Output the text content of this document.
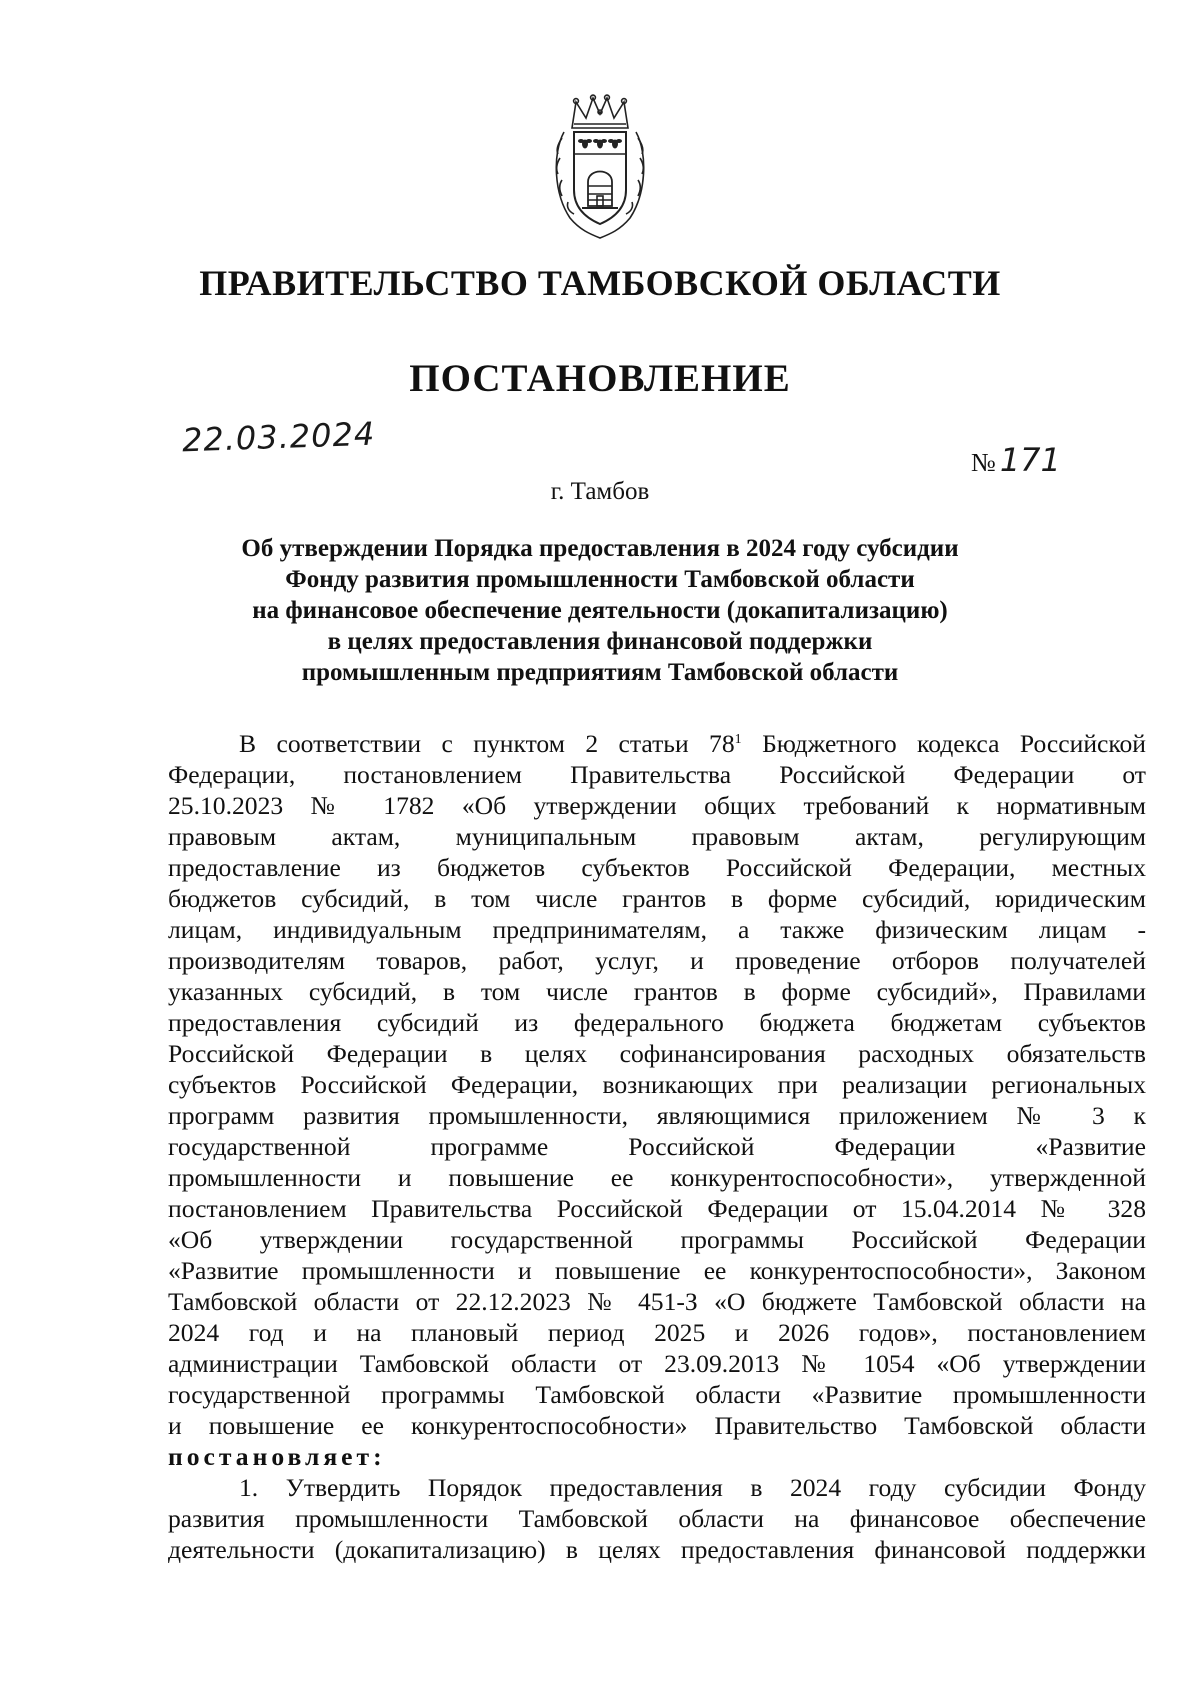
ПРАВИТЕЛЬСТВО ТАМБОВСКОЙ ОБЛАСТИ
ПОСТАНОВЛЕНИЕ
22.03.2024
№ 171
г. Тамбов
Об утверждении Порядка предоставления в 2024 году субсидии
Фонду развития промышленности Тамбовской области
на финансовое обеспечение деятельности (докапитализацию)
в целях предоставления финансовой поддержки
промышленным предприятиям Тамбовской области
В соответствии с пунктом 2 статьи $78^1$ Бюджетного кодекса Российской
Федерации, постановлением Правительства Российской Федерации от
25.10.2023 № 1782 «Об утверждении общих требований к нормативным
правовым актам, муниципальным правовым актам, регулирующим
предоставление из бюджетов субъектов Российской Федерации, местных
бюджетов субсидий, в том числе грантов в форме субсидий, юридическим
лицам, индивидуальным предпринимателям, а также физическим лицам -
производителям товаров, работ, услуг, и проведение отборов получателей
указанных субсидий, в том числе грантов в форме субсидий», Правилами
предоставления субсидий из федерального бюджета бюджетам субъектов
Российской Федерации в целях софинансирования расходных обязательств
субъектов Российской Федерации, возникающих при реализации региональных
программ развития промышленности, являющимися приложением № 3 к
государственной программе Российской Федерации «Развитие
промышленности и повышение ее конкурентоспособности», утвержденной
постановлением Правительства Российской Федерации от 15.04.2014 № 328
«Об утверждении государственной программы Российской Федерации
«Развитие промышленности и повышение ее конкурентоспособности», Законом
Тамбовской области от 22.12.2023 № 451-З «О бюджете Тамбовской области на
2024 год и на плановый период 2025 и 2026 годов», постановлением
администрации Тамбовской области от 23.09.2013 № 1054 «Об утверждении
государственной программы Тамбовской области «Развитие промышленности
и повышение ее конкурентоспособности» Правительство Тамбовской области
постановляет:
1. Утвердить Порядок предоставления в 2024 году субсидии Фонду
развития промышленности Тамбовской области на финансовое обеспечение
деятельности (докапитализацию) в целях предоставления финансовой поддержки
